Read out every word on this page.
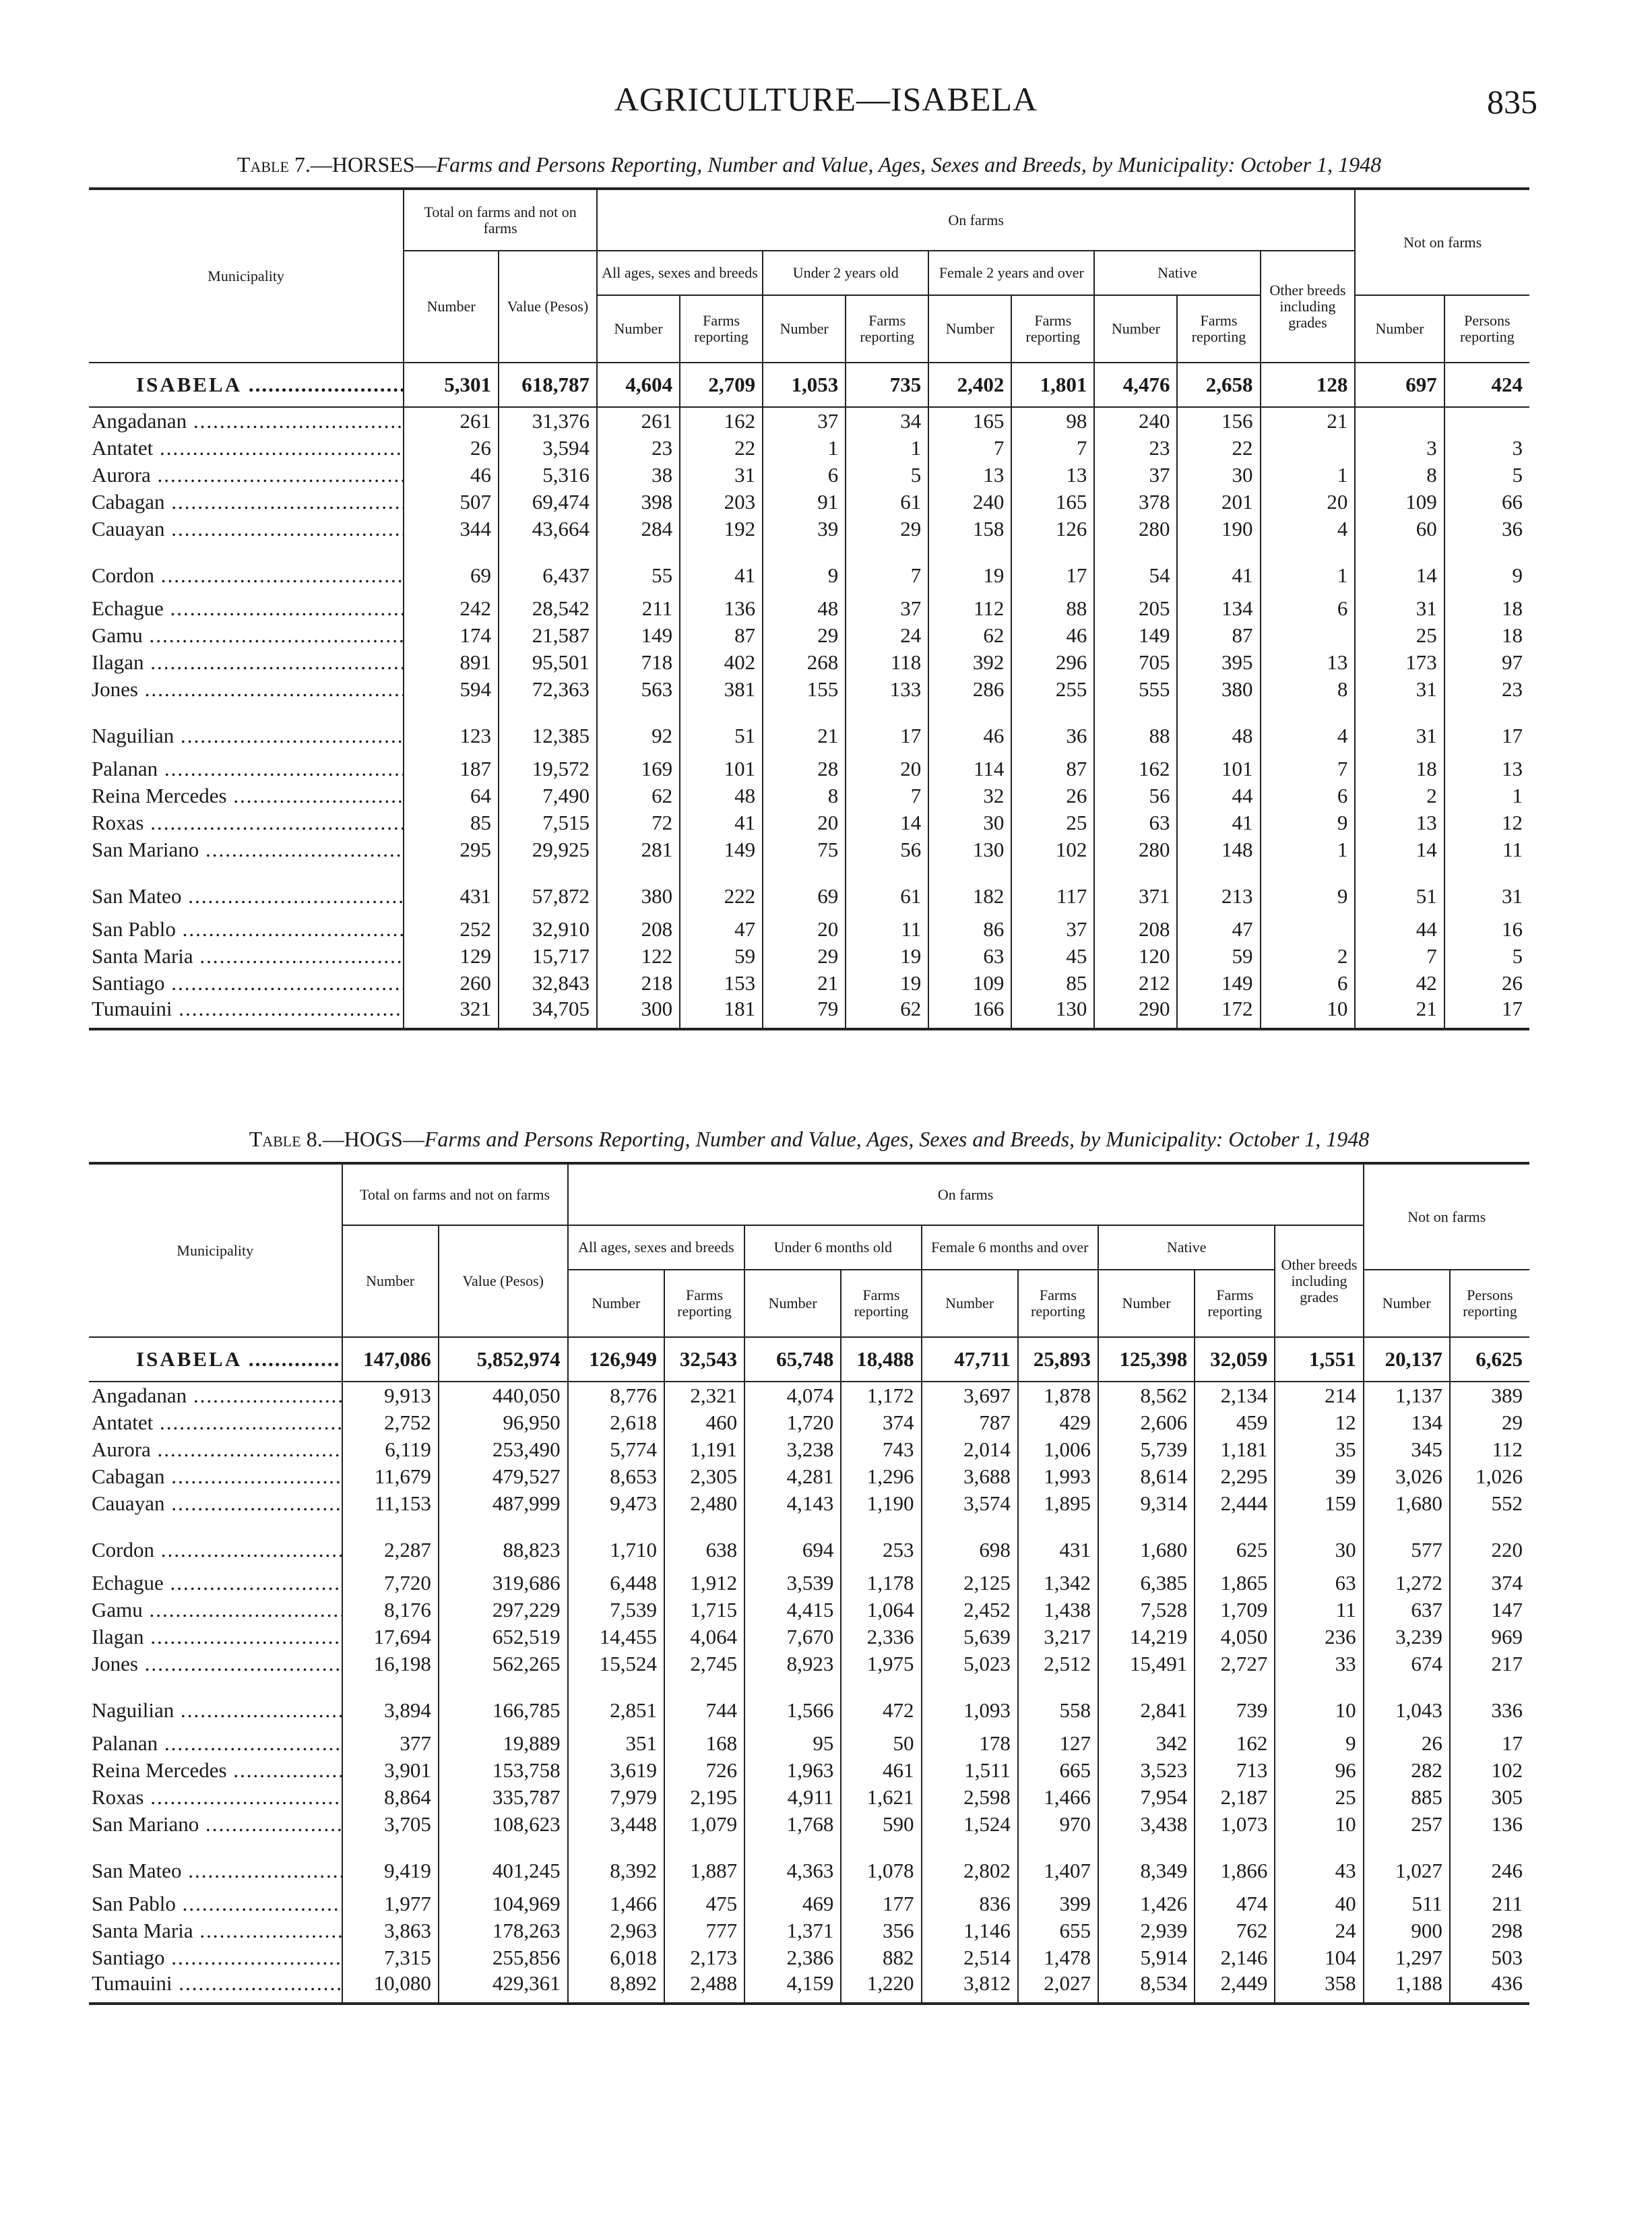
AGRICULTURE—ISABELA	835
Table 7.—HORSES—Farms and Persons Reporting, Number and Value, Ages, Sexes and Breeds, by Municipality: October 1, 1948
Municipality	Total on farms and not on farms		On farms									Not on farms	
	Number	Value (Pesos)	All ages, sexes and breeds		Under 2 years old		Female 2 years and over		Native		Other breeds including grades		
			Number	Farms reporting	Number	Farms reporting	Number	Farms reporting	Number	Farms reporting		Number	Persons reporting
ISABELA .....	5,301	618,787	4,604	2,709	1,053	735	2,402	1,801	4,476	2,658	128	697	424
Angadanan .....	261	31,376	261	162	37	34	165	98	240	156	21		
Antatet .....	26	3,594	23	22	1	1	7	7	23	22		3	3
Aurora .....	46	5,316	38	31	6	5	13	13	37	30	1	8	5
Cabagan .....	507	69,474	398	203	91	61	240	165	378	201	20	109	66
Cauayan .....	344	43,664	284	192	39	29	158	126	280	190	4	60	36
Cordon .....	69	6,437	55	41	9	7	19	17	54	41	1	14	9
Echague .....	242	28,542	211	136	48	37	112	88	205	134	6	31	18
Gamu .....	174	21,587	149	87	29	24	62	46	149	87		25	18
Ilagan .....	891	95,501	718	402	268	118	392	296	705	395	13	173	97
Jones .....	594	72,363	563	381	155	133	286	255	555	380	8	31	23
Naguilian .....	123	12,385	92	51	21	17	46	36	88	48	4	31	17
Palanan .....	187	19,572	169	101	28	20	114	87	162	101	7	18	13
Reina Mercedes .....	64	7,490	62	48	8	7	32	26	56	44	6	2	1
Roxas .....	85	7,515	72	41	20	14	30	25	63	41	9	13	12
San Mariano .....	295	29,925	281	149	75	56	130	102	280	148	1	14	11
San Mateo .....	431	57,872	380	222	69	61	182	117	371	213	9	51	31
San Pablo .....	252	32,910	208	47	20	11	86	37	208	47		44	16
Santa Maria .....	129	15,717	122	59	29	19	63	45	120	59	2	7	5
Santiago .....	260	32,843	218	153	21	19	109	85	212	149	6	42	26
Tumauini .....	321	34,705	300	181	79	62	166	130	290	172	10	21	17
Table 8.—HOGS—Farms and Persons Reporting, Number and Value, Ages, Sexes and Breeds, by Municipality: October 1, 1948
Municipality	Total on farms and not on farms		On farms									Not on farms	
	Number	Value (Pesos)	All ages, sexes and breeds		Under 6 months old		Female 6 months and over		Native		Other breeds including grades		
			Number	Farms reporting	Number	Farms reporting	Number	Farms reporting	Number	Farms reporting		Number	Persons reporting
ISABELA .....	147,086	5,852,974	126,949	32,543	65,748	18,488	47,711	25,893	125,398	32,059	1,551	20,137	6,625
Angadanan .....	9,913	440,050	8,776	2,321	4,074	1,172	3,697	1,878	8,562	2,134	214	1,137	389
Antatet .....	2,752	96,950	2,618	460	1,720	374	787	429	2,606	459	12	134	29
Aurora .....	6,119	253,490	5,774	1,191	3,238	743	2,014	1,006	5,739	1,181	35	345	112
Cabagan .....	11,679	479,527	8,653	2,305	4,281	1,296	3,688	1,993	8,614	2,295	39	3,026	1,026
Cauayan .....	11,153	487,999	9,473	2,480	4,143	1,190	3,574	1,895	9,314	2,444	159	1,680	552
Cordon .....	2,287	88,823	1,710	638	694	253	698	431	1,680	625	30	577	220
Echague .....	7,720	319,686	6,448	1,912	3,539	1,178	2,125	1,342	6,385	1,865	63	1,272	374
Gamu .....	8,176	297,229	7,539	1,715	4,415	1,064	2,452	1,438	7,528	1,709	11	637	147
Ilagan .....	17,694	652,519	14,455	4,064	7,670	2,336	5,639	3,217	14,219	4,050	236	3,239	969
Jones .....	16,198	562,265	15,524	2,745	8,923	1,975	5,023	2,512	15,491	2,727	33	674	217
Naguilian .....	3,894	166,785	2,851	744	1,566	472	1,093	558	2,841	739	10	1,043	336
Palanan .....	377	19,889	351	168	95	50	178	127	342	162	9	26	17
Reina Mercedes .....	3,901	153,758	3,619	726	1,963	461	1,511	665	3,523	713	96	282	102
Roxas .....	8,864	335,787	7,979	2,195	4,911	1,621	2,598	1,466	7,954	2,187	25	885	305
San Mariano .....	3,705	108,623	3,448	1,079	1,768	590	1,524	970	3,438	1,073	10	257	136
San Mateo .....	9,419	401,245	8,392	1,887	4,363	1,078	2,802	1,407	8,349	1,866	43	1,027	246
San Pablo .....	1,977	104,969	1,466	475	469	177	836	399	1,426	474	40	511	211
Santa Maria .....	3,863	178,263	2,963	777	1,371	356	1,146	655	2,939	762	24	900	298
Santiago .....	7,315	255,856	6,018	2,173	2,386	882	2,514	1,478	5,914	2,146	104	1,297	503
Tumauini .....	10,080	429,361	8,892	2,488	4,159	1,220	3,812	2,027	8,534	2,449	358	1,188	436
